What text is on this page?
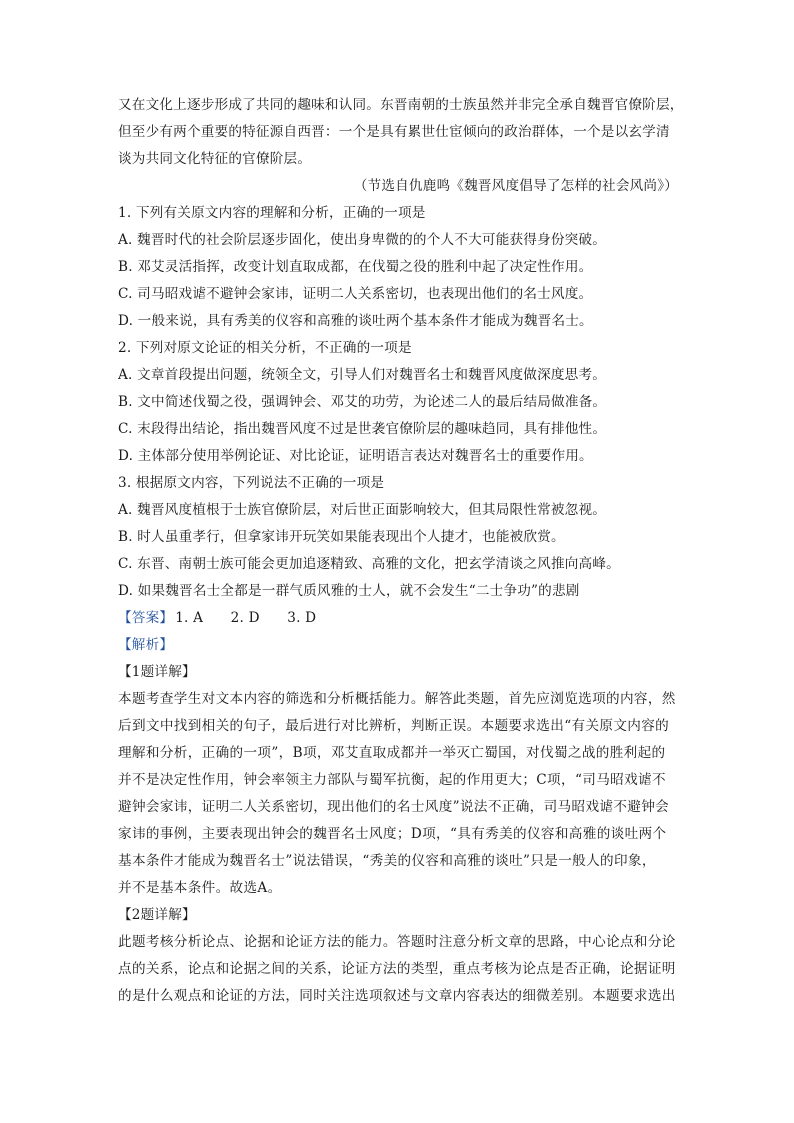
又在文化上逐步形成了共同的趣味和认同。东晋南朝的士族虽然并非完全承自魏晋官僚阶层，
但至少有两个重要的特征源自西晋：一个是具有累世仕宦倾向的政治群体，一个是以玄学清
谈为共同文化特征的官僚阶层。
（节选自仇鹿鸣《魏晋风度倡导了怎样的社会风尚》）
1. 下列有关原文内容的理解和分析，正确的一项是
A. 魏晋时代的社会阶层逐步固化，使出身卑微的的个人不大可能获得身份突破。
B. 邓艾灵活指挥，改变计划直取成都，在伐蜀之役的胜利中起了决定性作用。
C. 司马昭戏谑不避钟会家讳，证明二人关系密切，也表现出他们的名士风度。
D. 一般来说，具有秀美的仪容和高雅的谈吐两个基本条件才能成为魏晋名士。
2. 下列对原文论证的相关分析，不正确的一项是
A. 文章首段提出问题，统领全文，引导人们对魏晋名士和魏晋风度做深度思考。
B. 文中简述伐蜀之役，强调钟会、邓艾的功劳，为论述二人的最后结局做准备。
C. 末段得出结论，指出魏晋风度不过是世袭官僚阶层的趣味趋同，具有排他性。
D. 主体部分使用举例论证、对比论证，证明语言表达对魏晋名士的重要作用。
3. 根据原文内容，下列说法不正确的一项是
A. 魏晋风度植根于士族官僚阶层，对后世正面影响较大，但其局限性常被忽视。
B. 时人虽重孝行，但拿家讳开玩笑如果能表现出个人捷才，也能被欣赏。
C. 东晋、南朝士族可能会更加追逐精致、高雅的文化，把玄学清谈之风推向高峰。
D. 如果魏晋名士全都是一群气质风雅的士人，就不会发生“二士争功”的悲剧
【答案】 1. A　　2. D　　3. D
【解析】
【1题详解】
本题考查学生对文本内容的筛选和分析概括能力。解答此类题，首先应浏览选项的内容，然
后到文中找到相关的句子，最后进行对比辨析，判断正误。本题要求选出“有关原文内容的
理解和分析，正确的一项”，B项，邓艾直取成都并一举灭亡蜀国，对伐蜀之战的胜利起的
并不是决定性作用，钟会率领主力部队与蜀军抗衡，起的作用更大；C项，“司马昭戏谑不
避钟会家讳，证明二人关系密切，现出他们的名士风度”说法不正确，司马昭戏谑不避钟会
家讳的事例，主要表现出钟会的魏晋名士风度；D项，“具有秀美的仪容和高雅的谈吐两个
基本条件才能成为魏晋名士”说法错误，“秀美的仪容和高雅的谈吐”只是一般人的印象，
并不是基本条件。故选A。
【2题详解】
此题考核分析论点、论据和论证方法的能力。答题时注意分析文章的思路，中心论点和分论
点的关系，论点和论据之间的关系，论证方法的类型，重点考核为论点是否正确，论据证明
的是什么观点和论证的方法，同时关注选项叙述与文章内容表达的细微差别。本题要求选出
